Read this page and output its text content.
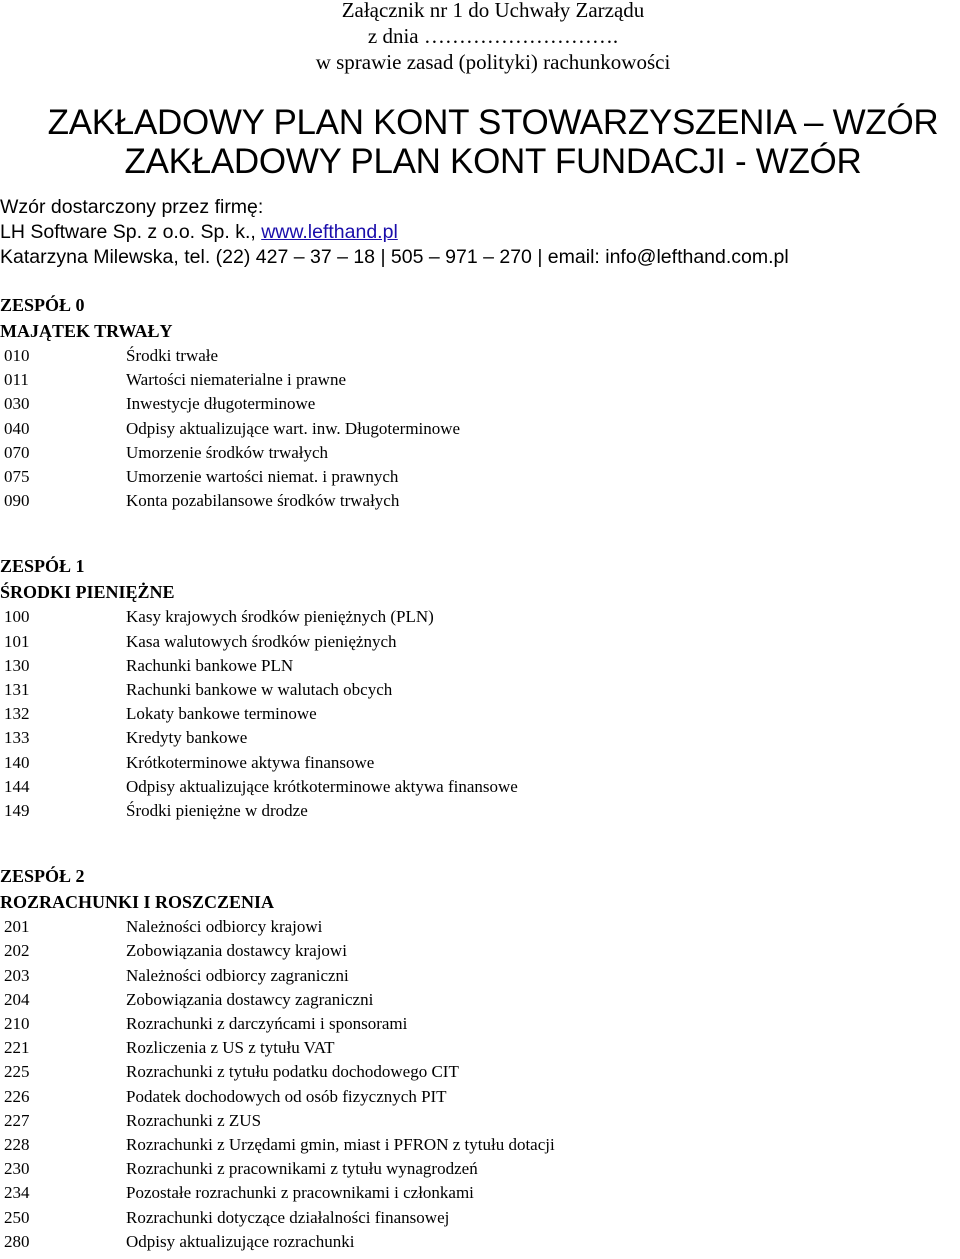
Załącznik nr 1 do Uchwały Zarządu
z dnia ……………………….
w sprawie zasad (polityki) rachunkowości
ZAKŁADOWY PLAN KONT STOWARZYSZENIA – WZÓR
ZAKŁADOWY PLAN KONT FUNDACJI - WZÓR
Wzór dostarczony przez firmę:
LH Software Sp. z o.o. Sp. k., www.lefthand.pl
Katarzyna Milewska, tel. (22) 427 – 37 – 18 | 505 – 971 – 270 | email: info@lefthand.com.pl
ZESPÓŁ 0
MAJĄTEK TRWAŁY
010	Środki trwałe
011	Wartości niematerialne i prawne
030	Inwestycje długoterminowe
040	Odpisy aktualizujące wart. inw. Długoterminowe
070	Umorzenie środków trwałych
075	Umorzenie wartości niemat. i prawnych
090	Konta pozabilansowe środków trwałych
ZESPÓŁ 1
ŚRODKI PIENIĘŻNE
100	Kasy krajowych środków pieniężnych (PLN)
101	Kasa walutowych środków pieniężnych
130	Rachunki bankowe PLN
131	Rachunki bankowe w walutach obcych
132	Lokaty bankowe terminowe
133	Kredyty bankowe
140	Krótkoterminowe aktywa finansowe
144	Odpisy aktualizujące krótkoterminowe aktywa finansowe
149	Środki pieniężne w drodze
ZESPÓŁ 2
ROZRACHUNKI I ROSZCZENIA
201	Należności odbiorcy krajowi
202	Zobowiązania dostawcy krajowi
203	Należności odbiorcy zagraniczni
204	Zobowiązania dostawcy zagraniczni
210	Rozrachunki z darczyńcami i sponsorami
221	Rozliczenia z US z tytułu VAT
225	Rozrachunki z tytułu podatku dochodowego CIT
226	Podatek dochodowych od osób fizycznych PIT
227	Rozrachunki z ZUS
228	Rozrachunki z Urzędami gmin, miast i PFRON z tytułu dotacji
230	Rozrachunki z pracownikami z tytułu wynagrodzeń
234	Pozostałe rozrachunki z pracownikami i członkami
250	Rozrachunki dotyczące działalności finansowej
280	Odpisy aktualizujące rozrachunki
